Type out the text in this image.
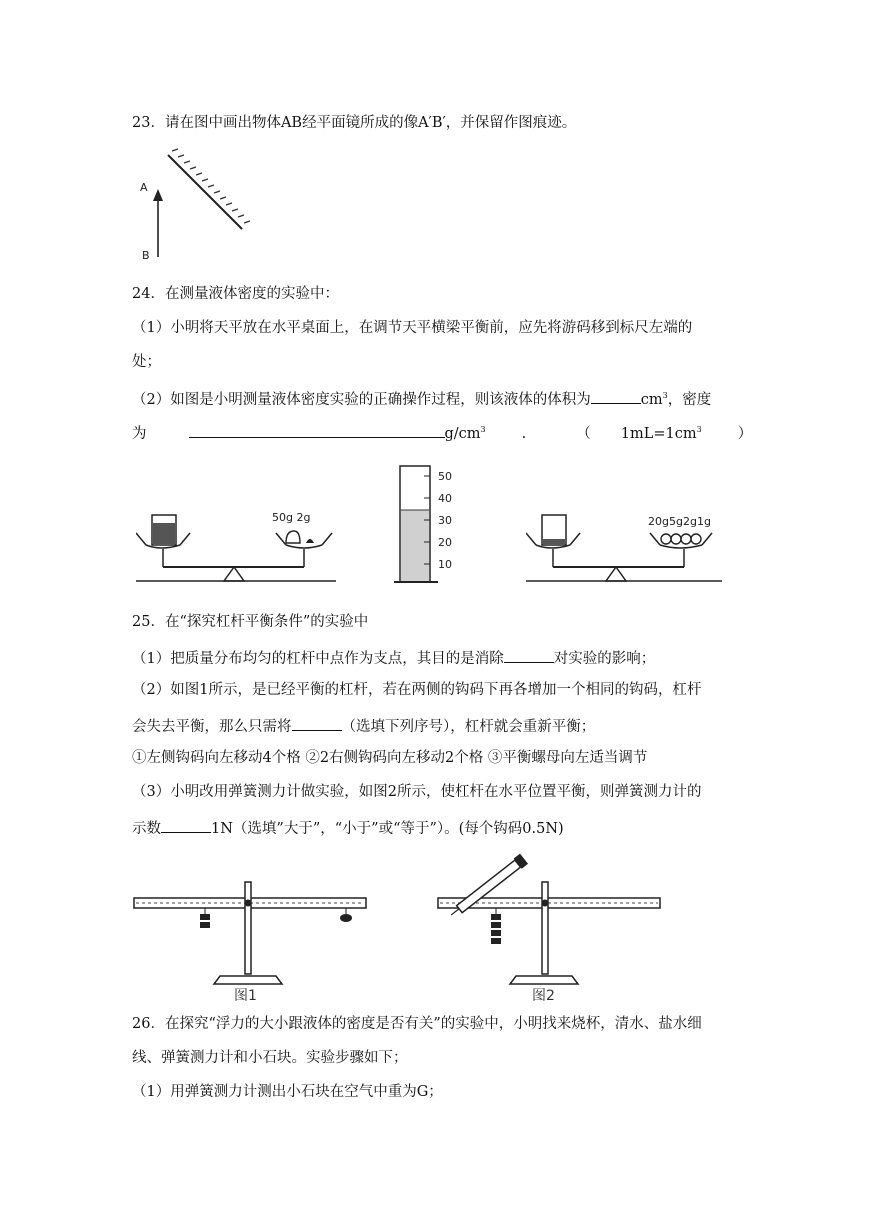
23．请在图中画出物体AB经平面镜所成的像A′B′，并保留作图痕迹。
A
B
24．在测量液体密度的实验中：
（1）小明将天平放在水平桌面上，在调节天平横梁平衡前，应先将游码移到标尺左端的
处；
（2）如图是小明测量液体密度实验的正确操作过程，则该液体的体积为	$cm^3$，密度
为	$g/cm^3$ .	（ $1mL=1cm^3$ ）
50g 2g
50
40
30
20
10
20g5g2g1g
25．在“探究杠杆平衡条件”的实验中
（1）把质量分布均匀的杠杆中点作为支点，其目的是消除	对实验的影响；
（2）如图1所示，是已经平衡的杠杆，若在两侧的钩码下再各增加一个相同的钩码，杠杆
会失去平衡，那么只需将	（选填下列序号），杠杆就会重新平衡；
①左侧钩码向左移动4个格 ②2右侧钩码向左移动2个格 ③平衡螺母向左适当调节
（3）小明改用弹簧测力计做实验，如图2所示，使杠杆在水平位置平衡，则弹簧测力计的
示数	1N（选填”大于”，“小于”或“等于”）。(每个钩码0.5N)
图1	图2
26．在探究“浮力的大小跟液体的密度是否有关”的实验中，小明找来烧杯，清水、盐水细
线、弹簧测力计和小石块。实验步骤如下；
（1）用弹簧测力计测出小石块在空气中重为G；
